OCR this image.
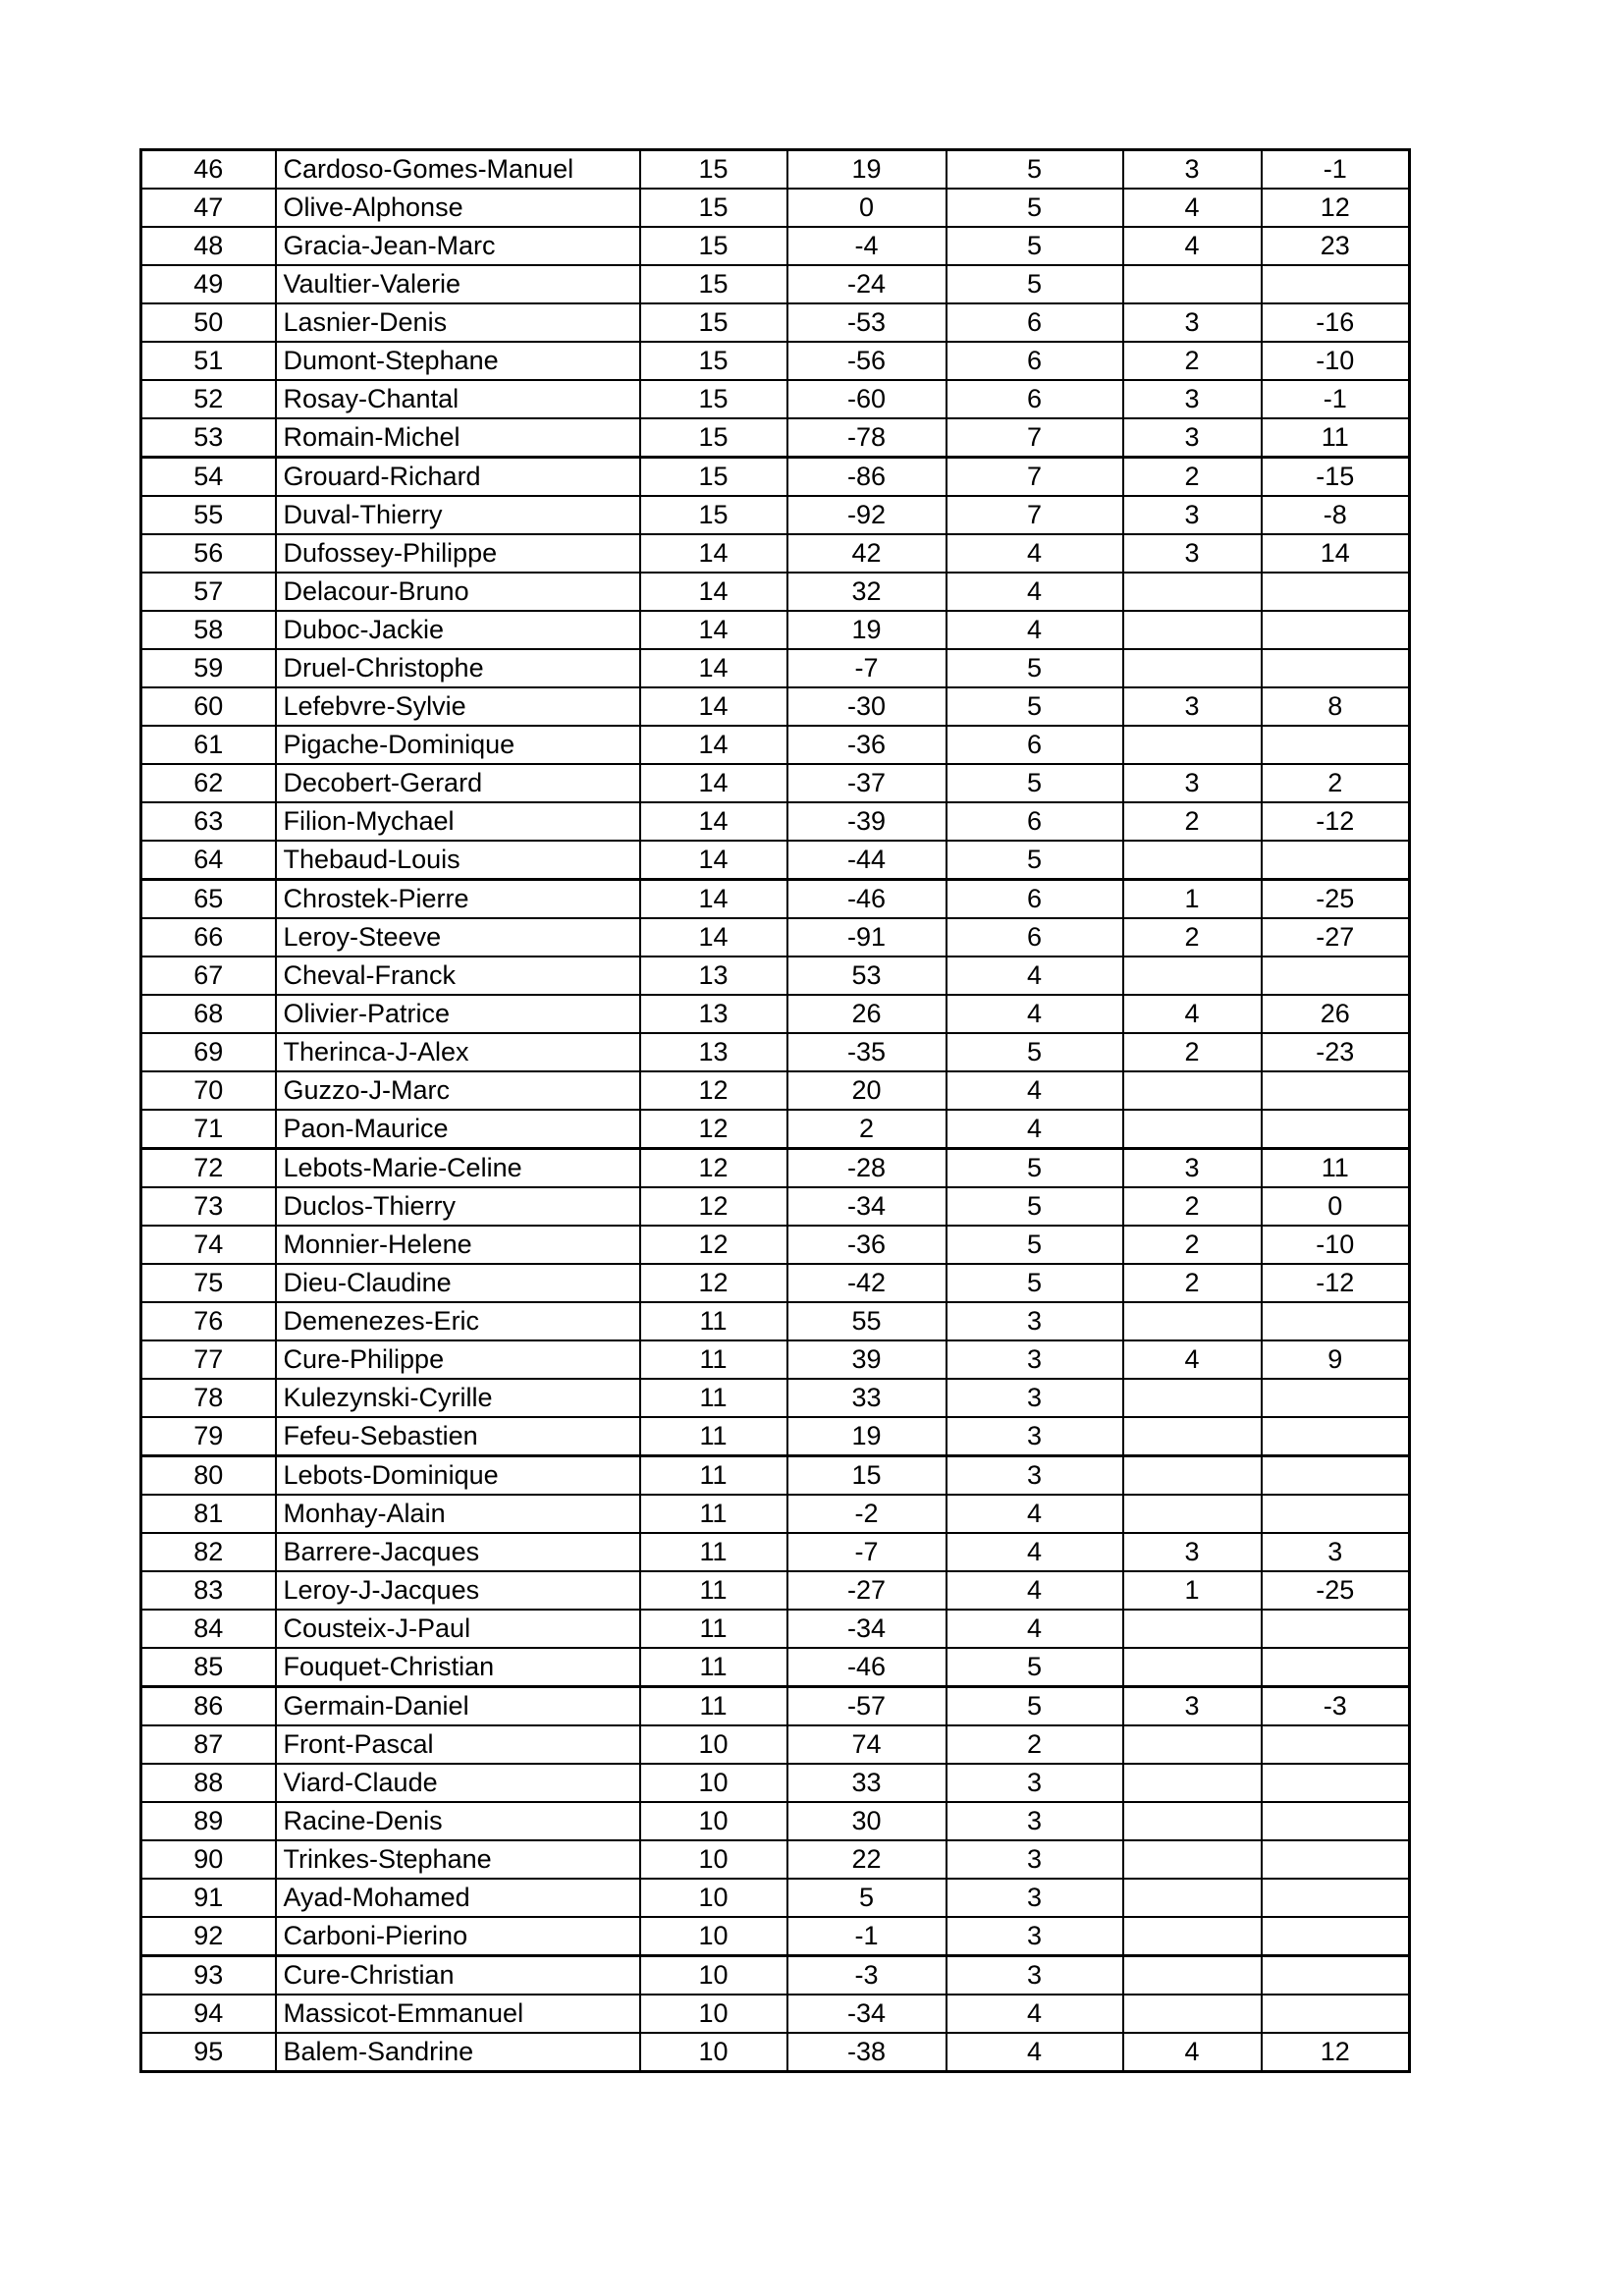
46	Cardoso-Gomes-Manuel	15	19	5	3	-1
47	Olive-Alphonse	15	0	5	4	12
48	Gracia-Jean-Marc	15	-4	5	4	23
49	Vaultier-Valerie	15	-24	5		
50	Lasnier-Denis	15	-53	6	3	-16
51	Dumont-Stephane	15	-56	6	2	-10
52	Rosay-Chantal	15	-60	6	3	-1
53	Romain-Michel	15	-78	7	3	11
54	Grouard-Richard	15	-86	7	2	-15
55	Duval-Thierry	15	-92	7	3	-8
56	Dufossey-Philippe	14	42	4	3	14
57	Delacour-Bruno	14	32	4		
58	Duboc-Jackie	14	19	4		
59	Druel-Christophe	14	-7	5		
60	Lefebvre-Sylvie	14	-30	5	3	8
61	Pigache-Dominique	14	-36	6		
62	Decobert-Gerard	14	-37	5	3	2
63	Filion-Mychael	14	-39	6	2	-12
64	Thebaud-Louis	14	-44	5		
65	Chrostek-Pierre	14	-46	6	1	-25
66	Leroy-Steeve	14	-91	6	2	-27
67	Cheval-Franck	13	53	4		
68	Olivier-Patrice	13	26	4	4	26
69	Therinca-J-Alex	13	-35	5	2	-23
70	Guzzo-J-Marc	12	20	4		
71	Paon-Maurice	12	2	4		
72	Lebots-Marie-Celine	12	-28	5	3	11
73	Duclos-Thierry	12	-34	5	2	0
74	Monnier-Helene	12	-36	5	2	-10
75	Dieu-Claudine	12	-42	5	2	-12
76	Demenezes-Eric	11	55	3		
77	Cure-Philippe	11	39	3	4	9
78	Kulezynski-Cyrille	11	33	3		
79	Fefeu-Sebastien	11	19	3		
80	Lebots-Dominique	11	15	3		
81	Monhay-Alain	11	-2	4		
82	Barrere-Jacques	11	-7	4	3	3
83	Leroy-J-Jacques	11	-27	4	1	-25
84	Cousteix-J-Paul	11	-34	4		
85	Fouquet-Christian	11	-46	5		
86	Germain-Daniel	11	-57	5	3	-3
87	Front-Pascal	10	74	2		
88	Viard-Claude	10	33	3		
89	Racine-Denis	10	30	3		
90	Trinkes-Stephane	10	22	3		
91	Ayad-Mohamed	10	5	3		
92	Carboni-Pierino	10	-1	3		
93	Cure-Christian	10	-3	3		
94	Massicot-Emmanuel	10	-34	4		
95	Balem-Sandrine	10	-38	4	4	12
